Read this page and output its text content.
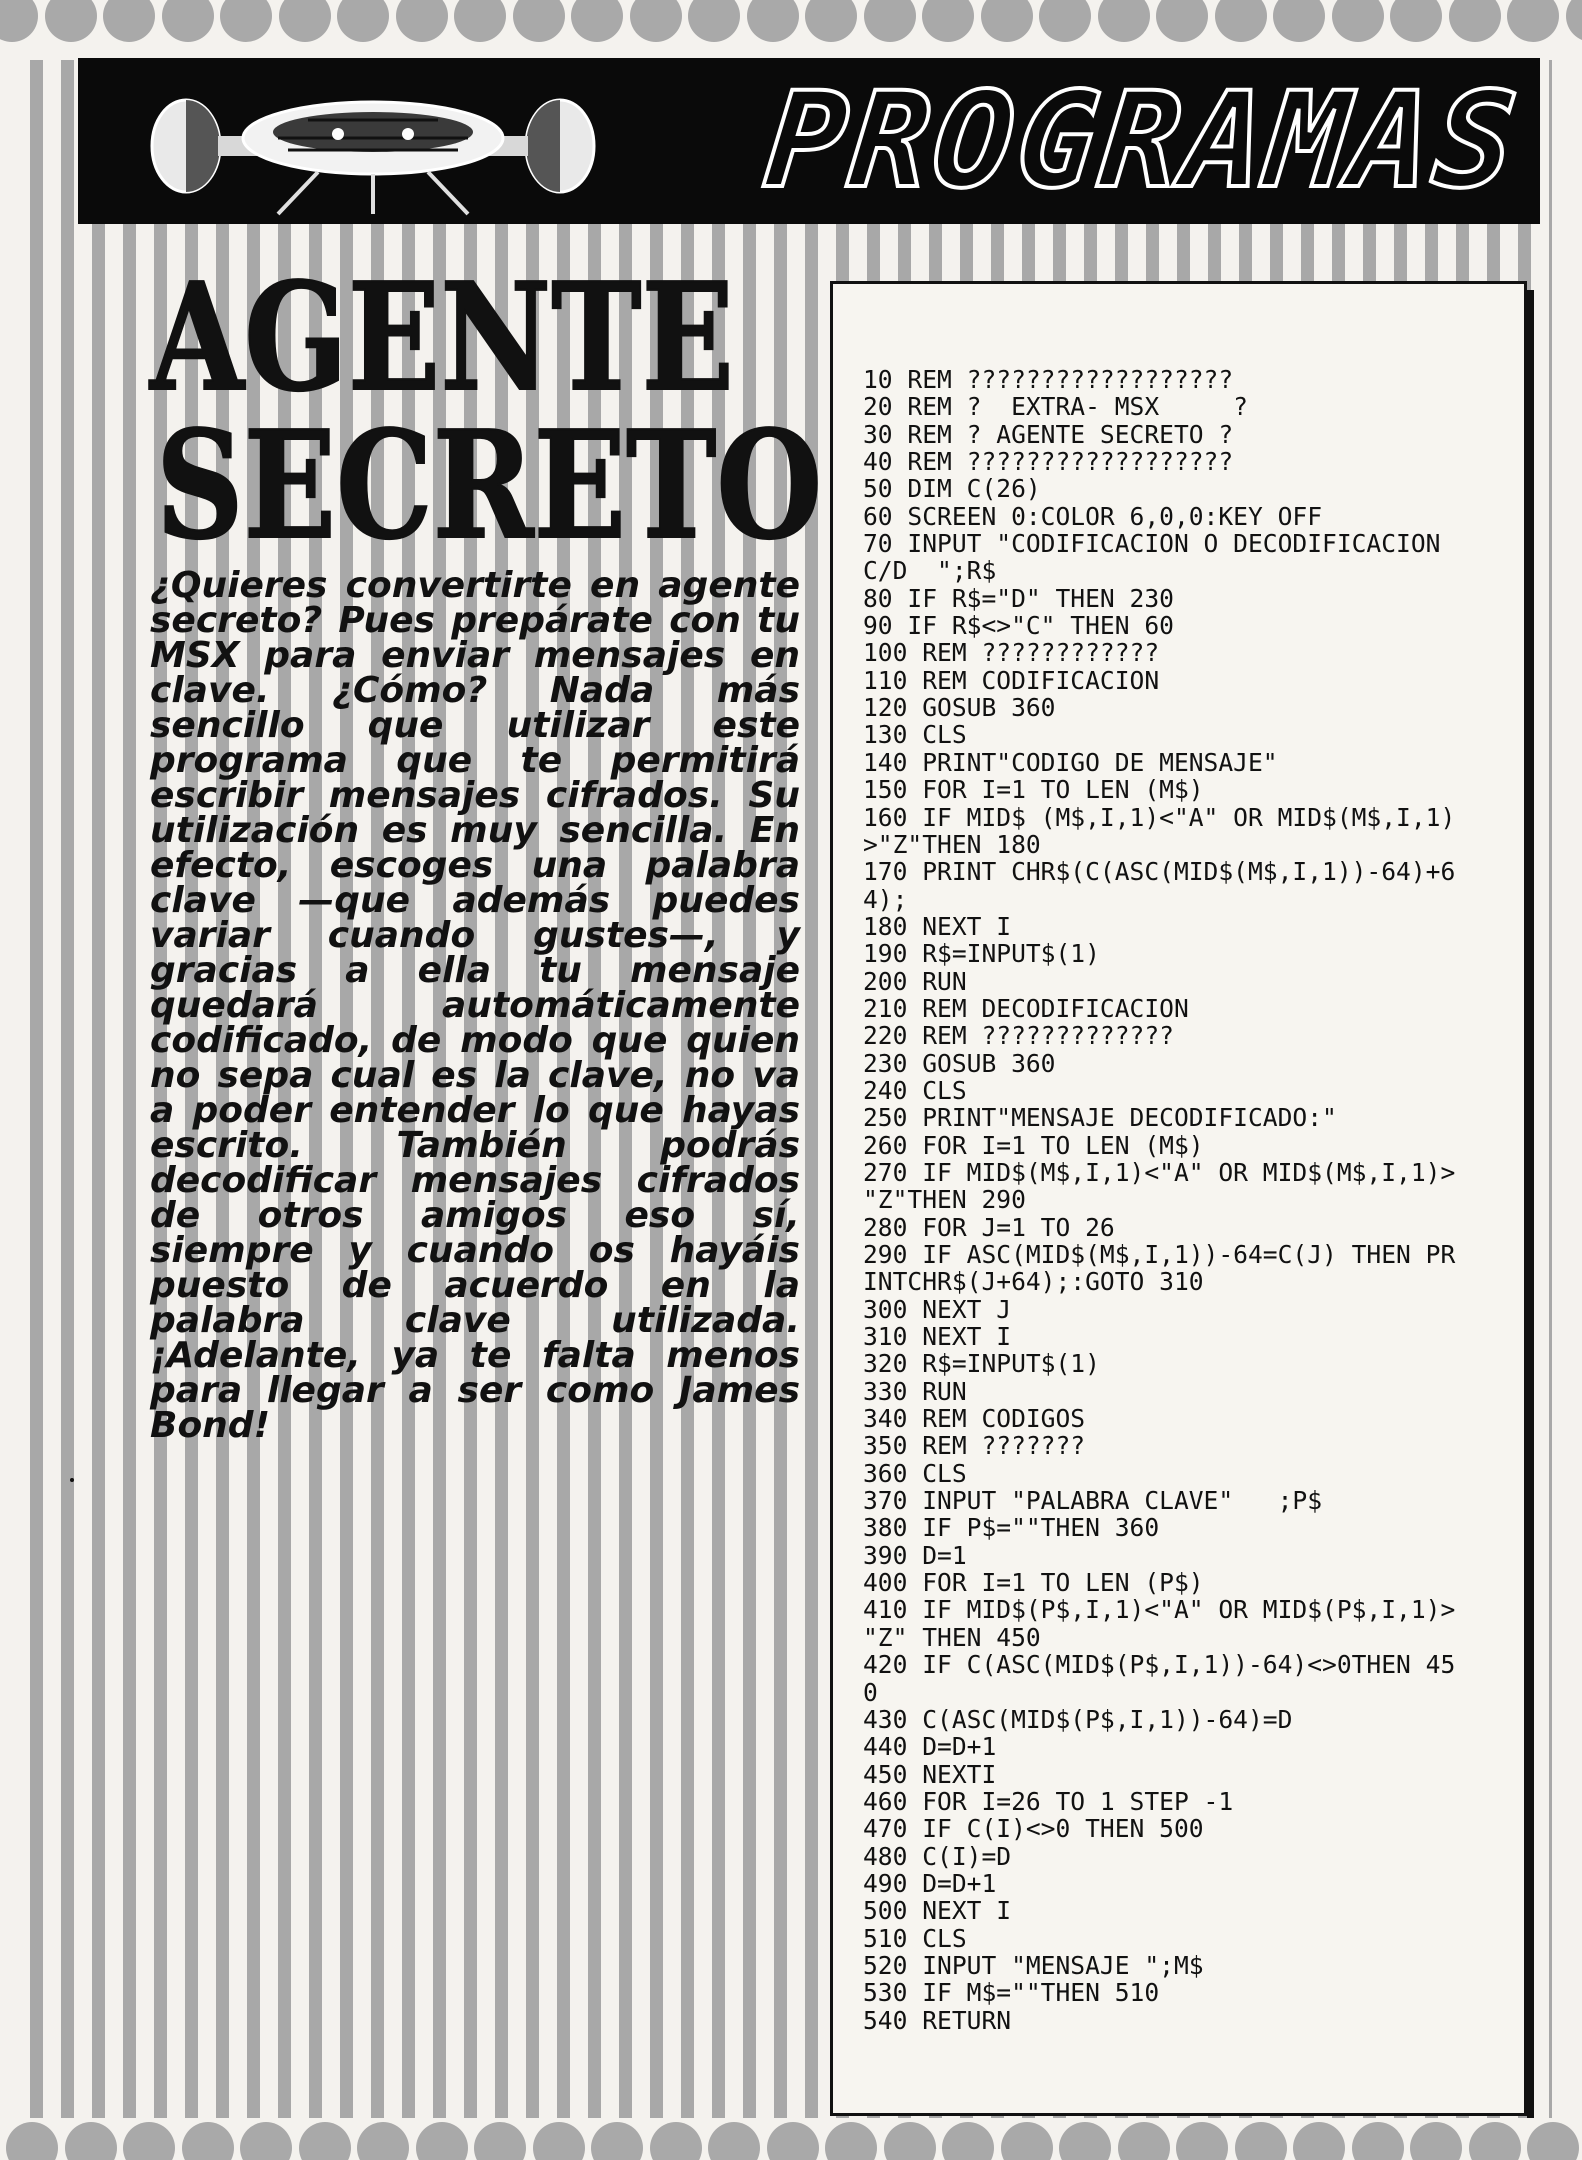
PROGRAMAS
AGENTE
SECRETO
¿Quieres convertirte en agente secreto? Pues prepárate con tu MSX para enviar mensajes en clave. ¿Cómo? Nada más sencillo que utilizar este programa que te permitirá escribir mensajes cifrados. Su utilización es muy sencilla. En efecto, escoges una palabra clave —que además puedes variar cuando gustes—, y gracias a ella tu mensaje quedará automáticamente codificado, de modo que quien no sepa cual es la clave, no va a poder entender lo que hayas escrito. También podrás decodificar mensajes cifrados de otros amigos eso sí, siempre y cuando os hayáis puesto de acuerdo en la palabra clave utilizada. ¡Adelante, ya te falta menos para llegar a ser como James Bond!
10 REM ??????????????????
20 REM ?  EXTRA- MSX     ?
30 REM ? AGENTE SECRETO ?
40 REM ??????????????????
50 DIM C(26)
60 SCREEN 0:COLOR 6,0,0:KEY OFF
70 INPUT "CODIFICACION O DECODIFICACION
C/D  ";R$
80 IF R$="D" THEN 230
90 IF R$<>"C" THEN 60
100 REM ????????????
110 REM CODIFICACION
120 GOSUB 360
130 CLS
140 PRINT"CODIGO DE MENSAJE"
150 FOR I=1 TO LEN (M$)
160 IF MID$ (M$,I,1)<"A" OR MID$(M$,I,1)
>"Z"THEN 180
170 PRINT CHR$(C(ASC(MID$(M$,I,1))-64)+6
4);
180 NEXT I
190 R$=INPUT$(1)
200 RUN
210 REM DECODIFICACION
220 REM ?????????????
230 GOSUB 360
240 CLS
250 PRINT"MENSAJE DECODIFICADO:"
260 FOR I=1 TO LEN (M$)
270 IF MID$(M$,I,1)<"A" OR MID$(M$,I,1)>
"Z"THEN 290
280 FOR J=1 TO 26
290 IF ASC(MID$(M$,I,1))-64=C(J) THEN PR
INTCHR$(J+64);:GOTO 310
300 NEXT J
310 NEXT I
320 R$=INPUT$(1)
330 RUN
340 REM CODIGOS
350 REM ???????
360 CLS
370 INPUT "PALABRA CLAVE"   ;P$
380 IF P$=""THEN 360
390 D=1
400 FOR I=1 TO LEN (P$)
410 IF MID$(P$,I,1)<"A" OR MID$(P$,I,1)>
"Z" THEN 450
420 IF C(ASC(MID$(P$,I,1))-64)<>0THEN 45
0
430 C(ASC(MID$(P$,I,1))-64)=D
440 D=D+1
450 NEXTI
460 FOR I=26 TO 1 STEP -1
470 IF C(I)<>0 THEN 500
480 C(I)=D
490 D=D+1
500 NEXT I
510 CLS
520 INPUT "MENSAJE ";M$
530 IF M$=""THEN 510
540 RETURN
